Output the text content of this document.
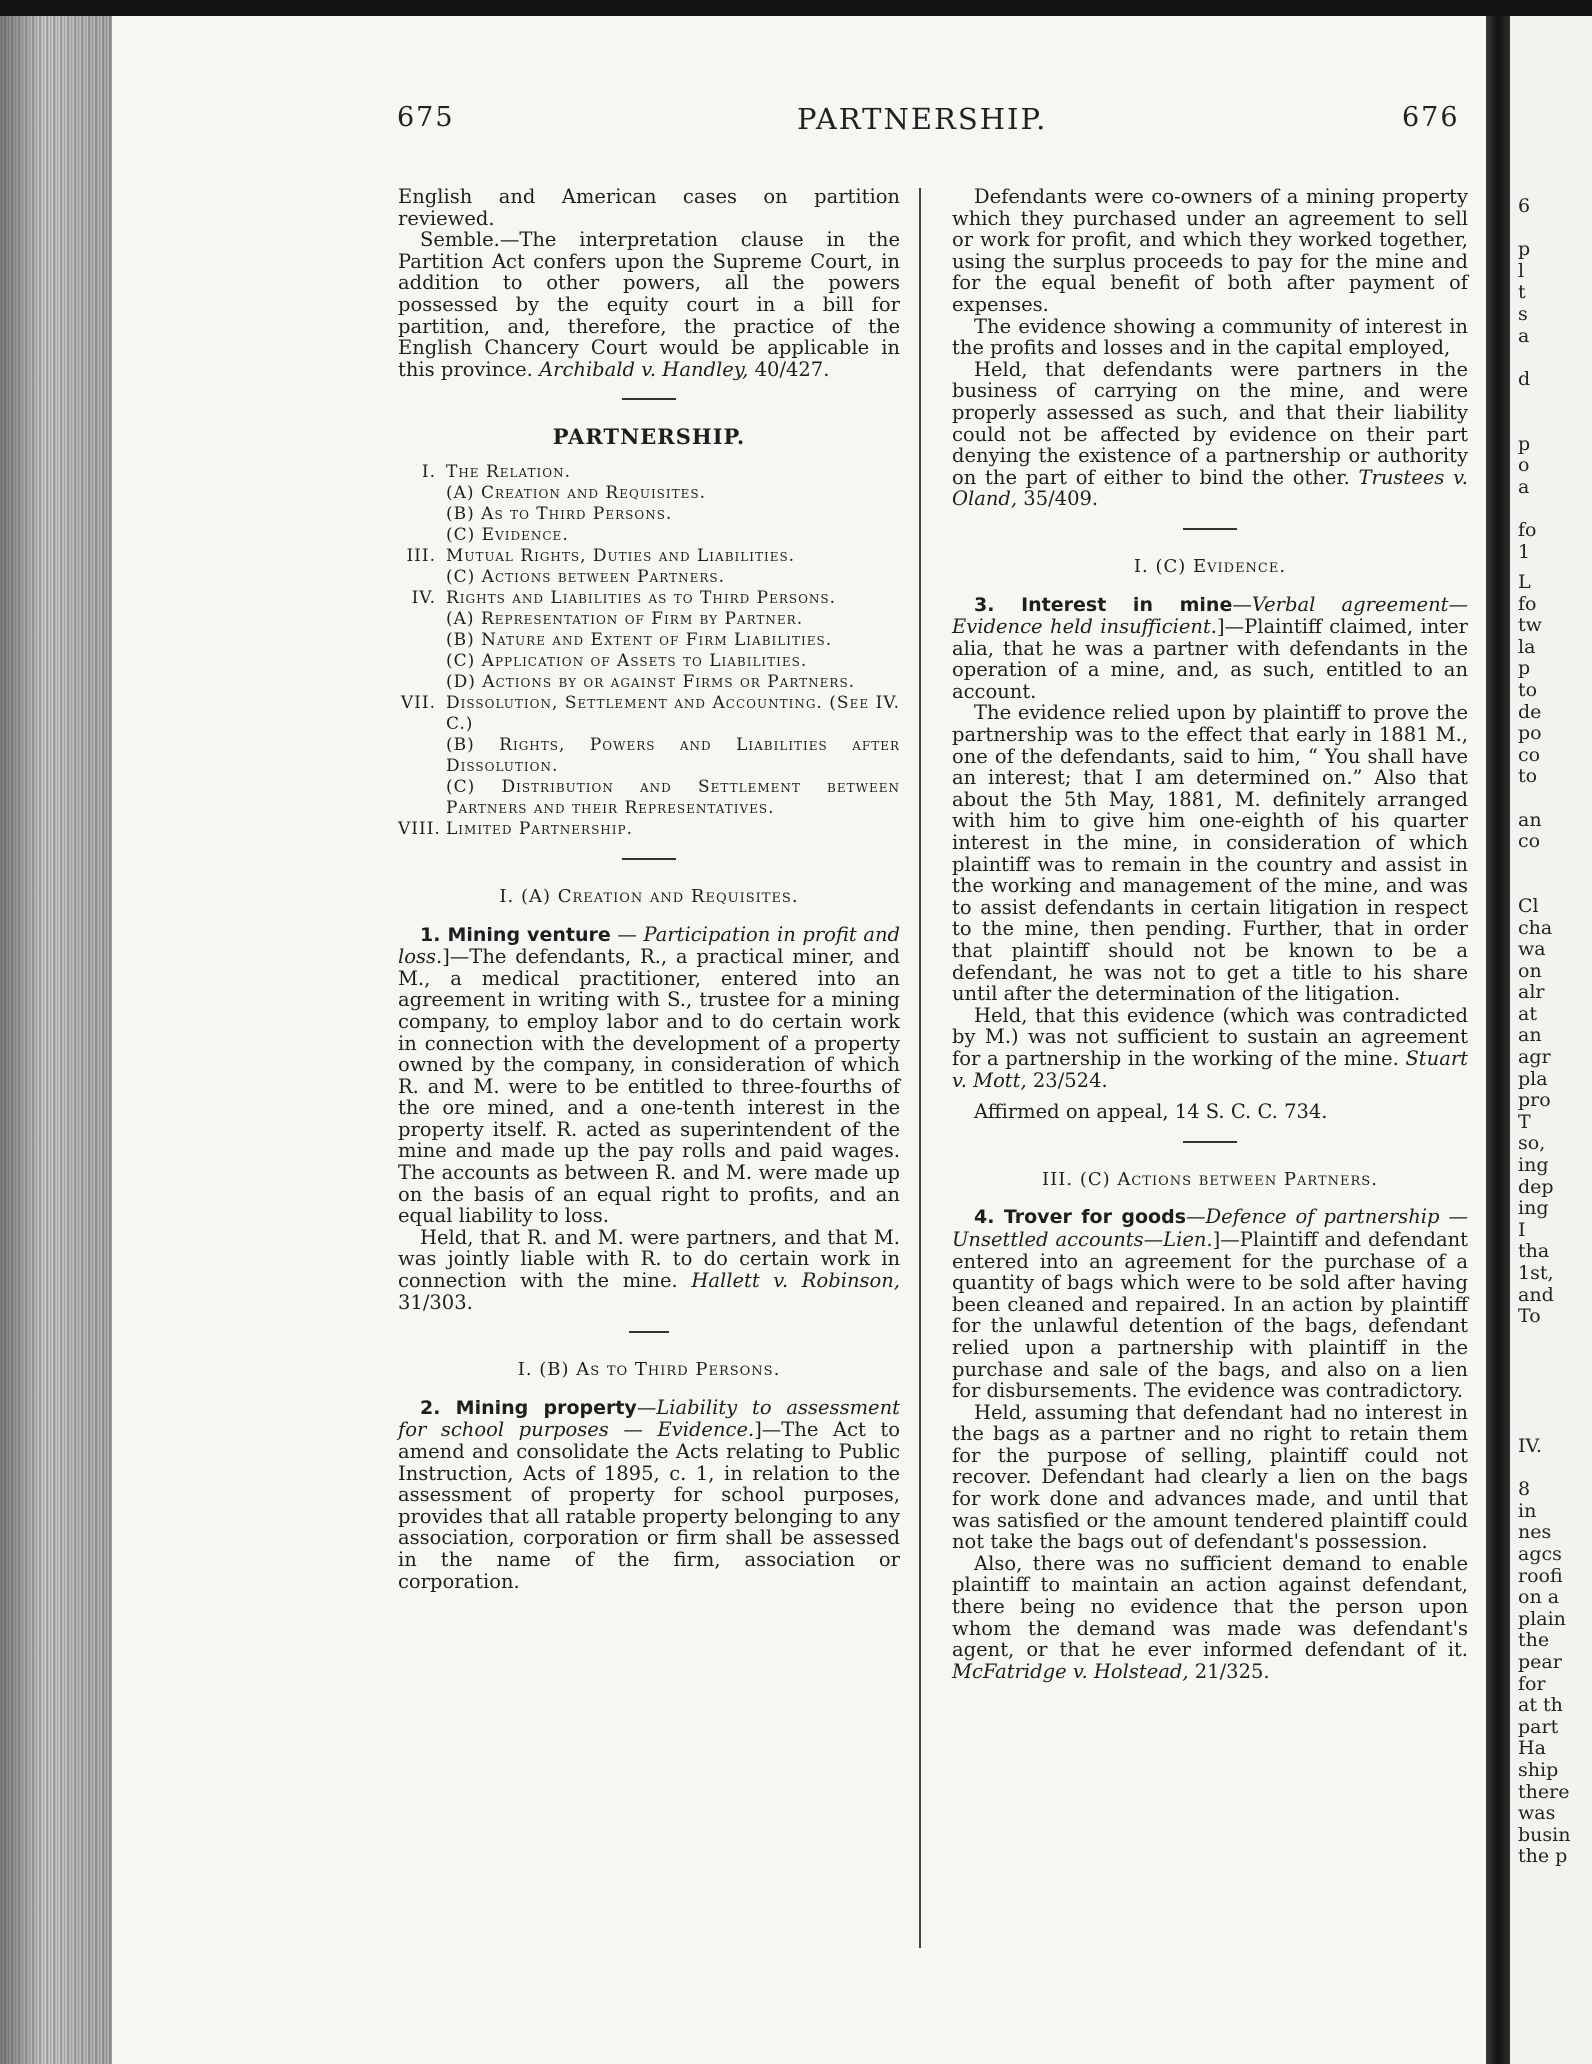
675	PARTNERSHIP.	676

English and American cases on partition reviewed.

Semble.—The interpretation clause in the Partition Act confers upon the Supreme Court, in addition to other powers, all the powers possessed by the equity court in a bill for partition, and, therefore, the practice of the English Chancery Court would be applicable in this province. Archibald v. Handley, 40/427.

PARTNERSHIP.
I. The Relation.
(A) Creation and Requisites.
(B) As to Third Persons.
(C) Evidence.
III. Mutual Rights, Duties and Liabilities.
(C) Actions between Partners.
IV. Rights and Liabilities as to Third Persons.
(A) Representation of Firm by Partner.
(B) Nature and Extent of Firm Liabilities.
(C) Application of Assets to Liabilities.
(D) Actions by or against Firms or Partners.
VII. Dissolution, Settlement and Accounting. (See IV. C.)
(B) Rights, Powers and Liabilities after Dissolution.
(C) Distribution and Settlement between Partners and their Representatives.
VIII. Limited Partnership.
I. (A) Creation and Requisites.

1. Mining venture — Participation in profit and loss.]—The defendants, R., a practical miner, and M., a medical practitioner, entered into an agreement in writing with S., trustee for a mining company, to employ labor and to do certain work in connection with the development of a property owned by the company, in consideration of which R. and M. were to be entitled to three-fourths of the ore mined, and a one-tenth interest in the property itself. R. acted as superintendent of the mine and made up the pay rolls and paid wages. The accounts as between R. and M. were made up on the basis of an equal right to profits, and an equal liability to loss.

Held, that R. and M. were partners, and that M. was jointly liable with R. to do certain work in connection with the mine. Hallett v. Robinson, 31/303.

I. (B) As to Third Persons.

2. Mining property—Liability to assessment for school purposes — Evidence.]—The Act to amend and consolidate the Acts relating to Public Instruction, Acts of 1895, c. 1, in relation to the assessment of property for school purposes, provides that all ratable property belonging to any association, corporation or firm shall be assessed in the name of the firm, association or corporation.

Defendants were co-owners of a mining property which they purchased under an agreement to sell or work for profit, and which they worked together, using the surplus proceeds to pay for the mine and for the equal benefit of both after payment of expenses.

The evidence showing a community of interest in the profits and losses and in the capital employed,

Held, that defendants were partners in the business of carrying on the mine, and were properly assessed as such, and that their liability could not be affected by evidence on their part denying the existence of a partnership or authority on the part of either to bind the other. Trustees v. Oland, 35/409.

I. (C) Evidence.

3. Interest in mine—Verbal agreement— Evidence held insufficient.]—Plaintiff claimed, inter alia, that he was a partner with defendants in the operation of a mine, and, as such, entitled to an account.

The evidence relied upon by plaintiff to prove the partnership was to the effect that early in 1881 M., one of the defendants, said to him, “ You shall have an interest; that I am determined on.” Also that about the 5th May, 1881, M. definitely arranged with him to give him one-eighth of his quarter interest in the mine, in consideration of which plaintiff was to remain in the country and assist in the working and management of the mine, and was to assist defendants in certain litigation in respect to the mine, then pending. Further, that in order that plaintiff should not be known to be a defendant, he was not to get a title to his share until after the determination of the litigation.

Held, that this evidence (which was contradicted by M.) was not sufficient to sustain an agreement for a partnership in the working of the mine. Stuart v. Mott, 23/524.

Affirmed on appeal, 14 S. C. C. 734.

III. (C) Actions between Partners.

4. Trover for goods—Defence of partnership — Unsettled accounts—Lien.]—Plaintiff and defendant entered into an agreement for the purchase of a quantity of bags which were to be sold after having been cleaned and repaired. In an action by plaintiff for the unlawful detention of the bags, defendant relied upon a partnership with plaintiff in the purchase and sale of the bags, and also on a lien for disbursements. The evidence was contradictory.

Held, assuming that defendant had no interest in the bags as a partner and no right to retain them for the purpose of selling, plaintiff could not recover. Defendant had clearly a lien on the bags for work done and advances made, and until that was satisfied or the amount tendered plaintiff could not take the bags out of defendant's possession.

Also, there was no sufficient demand to enable plaintiff to maintain an action against defendant, there being no evidence that the person upon whom the demand was made was defendant's agent, or that he ever informed defendant of it. McFatridge v. Holstead, 21/325.

6
p
l
t
s
a
d
p
o
a
fo
1
L
fo
tw
la
p
to
de
po
co
to
an
co
Cl
cha
wa
on
alr
at
an
agr
pla
pro
T
so,
ing
dep
ing
I
tha
1st,
and
To
IV.
8
in
nes
agcs
roofi
on a
plain
the
pear
for
at th
part
Ha
ship
there
was
busin
the p
